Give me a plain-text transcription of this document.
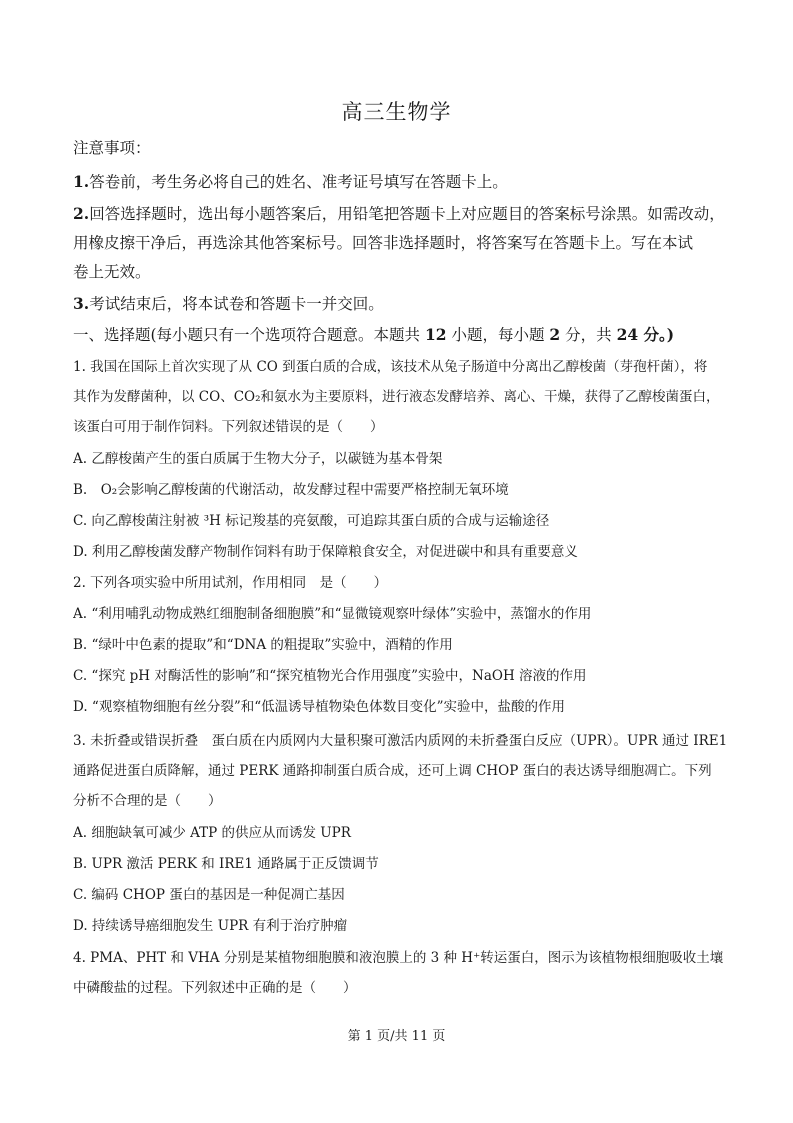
高三生物学
注意事项：
1.答卷前，考生务必将自己的姓名、准考证号填写在答题卡上。
2.回答选择题时，选出每小题答案后，用铅笔把答题卡上对应题目的答案标号涂黑。如需改动，
用橡皮擦干净后，再选涂其他答案标号。回答非选择题时，将答案写在答题卡上。写在本试
卷上无效。
3.考试结束后，将本试卷和答题卡一并交回。
一、选择题(每小题只有一个选项符合题意。本题共 12 小题，每小题 2 分，共 24 分。)
1. 我国在国际上首次实现了从 CO 到蛋白质的合成，该技术从兔子肠道中分离出乙醇梭菌（芽孢杆菌），将
其作为发酵菌种，以 CO、CO₂和氨水为主要原料，进行液态发酵培养、离心、干燥，获得了乙醇梭菌蛋白，
该蛋白可用于制作饲料。下列叙述错误的是（　　）
A. 乙醇梭菌产生的蛋白质属于生物大分子，以碳链为基本骨架
B.　O₂会影响乙醇梭菌的代谢活动，故发酵过程中需要严格控制无氧环境
C. 向乙醇梭菌注射被 ³H 标记羧基的亮氨酸，可追踪其蛋白质的合成与运输途径
D. 利用乙醇梭菌发酵产物制作饲料有助于保障粮食安全，对促进碳中和具有重要意义
2. 下列各项实验中所用试剂，作用相同　是（　　）
A. “利用哺乳动物成熟红细胞制备细胞膜”和“显微镜观察叶绿体”实验中，蒸馏水的作用
B. “绿叶中色素的提取”和“DNA 的粗提取”实验中，酒精的作用
C. “探究 pH 对酶活性的影响”和“探究植物光合作用强度”实验中，NaOH 溶液的作用
D. “观察植物细胞有丝分裂”和“低温诱导植物染色体数目变化”实验中，盐酸的作用
3. 未折叠或错误折叠　蛋白质在内质网内大量积聚可激活内质网的未折叠蛋白反应（UPR）。UPR 通过 IRE1
通路促进蛋白质降解，通过 PERK 通路抑制蛋白质合成，还可上调 CHOP 蛋白的表达诱导细胞凋亡。下列
分析不合理的是（　　）
A. 细胞缺氧可减少 ATP 的供应从而诱发 UPR
B. UPR 激活 PERK 和 IRE1 通路属于正反馈调节
C. 编码 CHOP 蛋白的基因是一种促凋亡基因
D. 持续诱导癌细胞发生 UPR 有利于治疗肿瘤
4. PMA、PHT 和 VHA 分别是某植物细胞膜和液泡膜上的 3 种 H⁺转运蛋白，图示为该植物根细胞吸收土壤
中磷酸盐的过程。下列叙述中正确的是（　　）
第 1 页/共 11 页
